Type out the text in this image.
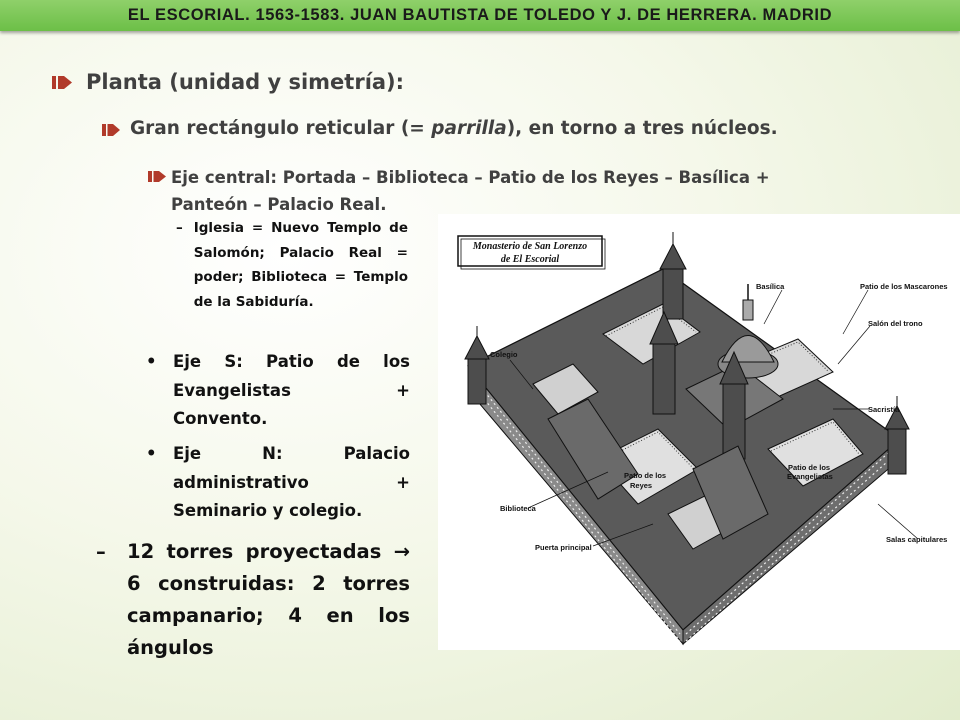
EL ESCORIAL. 1563-1583. JUAN BAUTISTA DE TOLEDO Y J. DE HERRERA. MADRID
Planta (unidad y simetría):
Gran rectángulo reticular (= parrilla), en torno a tres núcleos.
Eje central: Portada – Biblioteca – Patio de los Reyes – Basílica + Panteón – Palacio Real.
– Iglesia = Nuevo Templo de Salomón; Palacio Real = poder; Biblioteca = Templo de la Sabiduría.
• Eje S: Patio de los Evangelistas + Convento.
• Eje N: Palacio administrativo + Seminario y colegio.
–	12 torres proyectadas → 6 construidas: 2 torres campanario; 4 en los ángulos
Monasterio de San Lorenzo
de El Escorial
Basílica	Patio de los Mascarones
Colegio
Salón del trono
Sacristía
Patio de los
Evangelistas
Patio de los
Reyes
Biblioteca
Puerta principal
Salas capitulares
